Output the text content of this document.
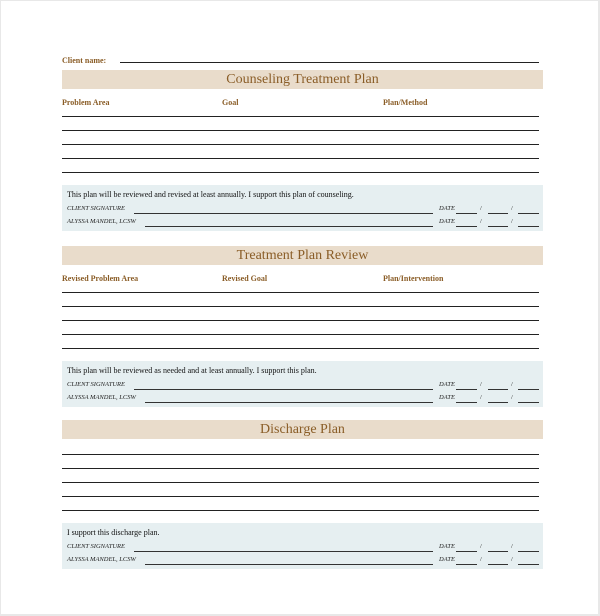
Client name:
Counseling Treatment Plan
Problem Area	Goal	Plan/Method
This plan will be reviewed and revised at least annually. I support this plan of counseling.
CLIENT SIGNATURE	DATE	/	/
ALYSSA MANDEL, LCSW	DATE	/	/
Treatment Plan Review
Revised Problem Area	Revised Goal	Plan/Intervention
This plan will be reviewed as needed and at least annually. I support this plan.
CLIENT SIGNATURE	DATE	/	/
ALYSSA MANDEL, LCSW	DATE	/	/
Discharge Plan
I support this discharge plan.
CLIENT SIGNATURE	DATE	/	/
ALYSSA MANDEL, LCSW	DATE	/	/
